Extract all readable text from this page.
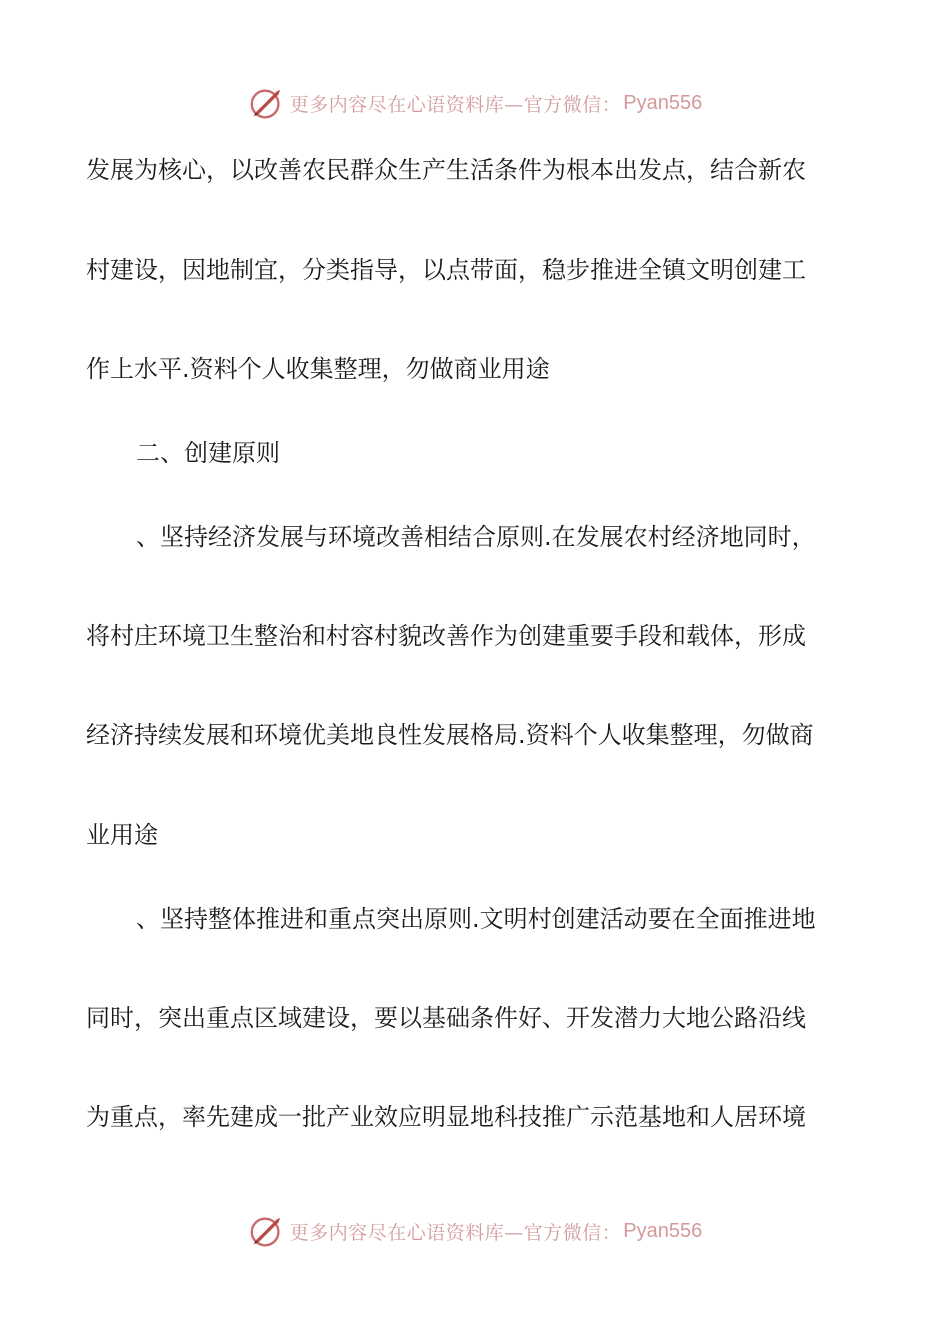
更多内容尽在心语资料库—官方微信： Pyan556
发展为核心，以改善农民群众生产生活条件为根本出发点，结合新农
村建设，因地制宜，分类指导，以点带面，稳步推进全镇文明创建工
作上水平.资料个人收集整理，勿做商业用途
二、创建原则
、坚持经济发展与环境改善相结合原则.在发展农村经济地同时，
将村庄环境卫生整治和村容村貌改善作为创建重要手段和载体，形成
经济持续发展和环境优美地良性发展格局.资料个人收集整理，勿做商
业用途
、坚持整体推进和重点突出原则.文明村创建活动要在全面推进地
同时，突出重点区域建设，要以基础条件好、开发潜力大地公路沿线
为重点，率先建成一批产业效应明显地科技推广示范基地和人居环境
更多内容尽在心语资料库—官方微信： Pyan556
